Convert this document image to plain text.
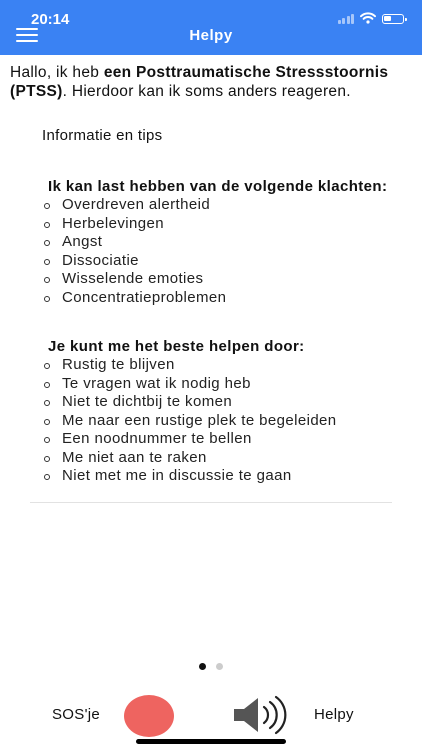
20:14
Helpy
Hallo, ik heb een Posttraumatische Stressstoornis (PTSS). Hierdoor kan ik soms anders reageren.
Informatie en tips
Ik kan last hebben van de volgende klachten:
Overdreven alertheid
Herbelevingen
Angst
Dissociatie
Wisselende emoties
Concentratieproblemen
Je kunt me het beste helpen door:
Rustig te blijven
Te vragen wat ik nodig heb
Niet te dichtbij te komen
Me naar een rustige plek te begeleiden
Een noodnummer te bellen
Me niet aan te raken
Niet met me in discussie te gaan
SOS'je	Helpy
